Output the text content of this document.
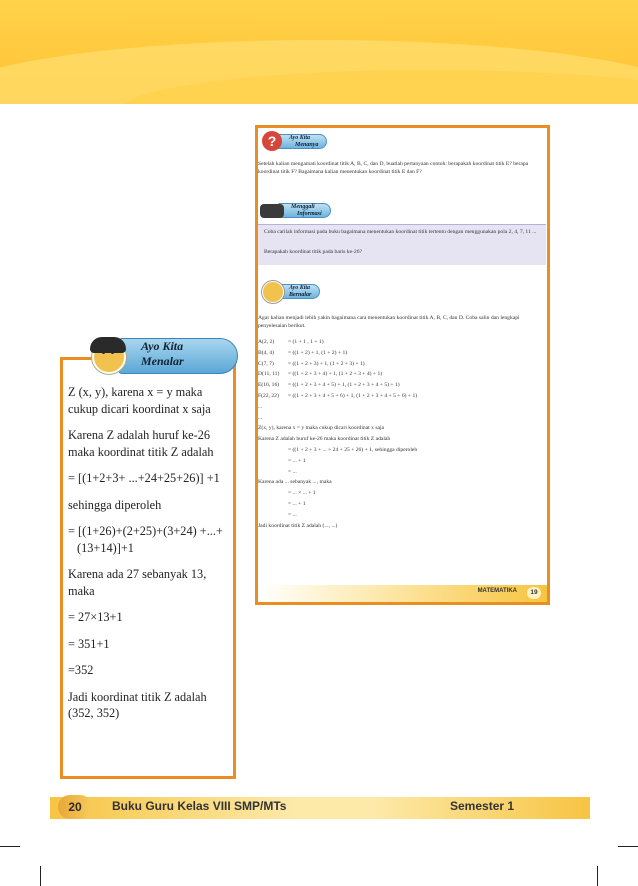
Ayo Kita
Menalar

Z (x, y), karena x = y maka cukup dicari koordinat x saja

Karena Z adalah huruf ke-26 maka koordinat titik Z adalah

= [(1+2+3+ ...+24+25+26)] +1

sehingga diperoleh

= [(1+26)+(2+25)+(3+24) +...+(13+14)]+1

Karena ada 27 sebanyak 13, maka

= 27×13+1

= 351+1

=352

Jadi koordinat titik Z adalah (352, 352)

Ayo Kita
Menanya
?
Setelah kalian mengamati koordinat titik A, B, C, dan D, buatlah pertanyaan contoh: berapakah koordinat titik E? berapa koordinat titik F? Bagaimana kalian menentukan koordinat titik E dan F?
Menggali
Informasi
Coba carilah informasi pada buku bagaimana menentukan koordinat titik tertentu dengan menggunakan pola 2, 4, 7, 11 ...
Berapakah koordinat titik pada baris ke-26?
Ayo Kita
Bernalar
Agar kalian menjadi lebih yakin bagaimana cara menentukan koordinat titik A, B, C, dan D. Coba salin dan lengkapi penyelesaian berikut.
A(2, 2) = (1 + 1 , 1 + 1)
B(4, 4)	= ((1 + 2) + 1, (1 + 2) + 1)
C(7, 7)	= ((1 + 2 + 3) + 1, (1 + 2 + 3) + 1)
D(11, 11) = ((1 + 2 + 3 + 4) + 1, (1 + 2 + 3 + 4) + 1)
E(16, 16) = ((1 + 2 + 3 + 4 + 5) + 1, (1 + 2 + 3 + 4 + 5) + 1)
F(22, 22) = ((1 + 2 + 3 + 4 + 5 + 6) + 1, (1 + 2 + 3 + 4 + 5 + 6) + 1)
...
...
Z(x, y), karena x = y maka cukup dicari koordinat x saja
Karena Z adalah huruf ke-26 maka koordinat titik Z adalah
= ((1 + 2 + 3 + ... + 24 + 25 + 26) + 1, sehingga diperoleh
= ... + 1
= ...
Karena ada ... sebanyak ..., maka
= ... × ... + 1
= ... + 1
= ...
Jadi koordinat titik Z adalah (..., ...)
MATEMATIKA	19
20	Buku Guru Kelas VIII SMP/MTs	Semester 1
